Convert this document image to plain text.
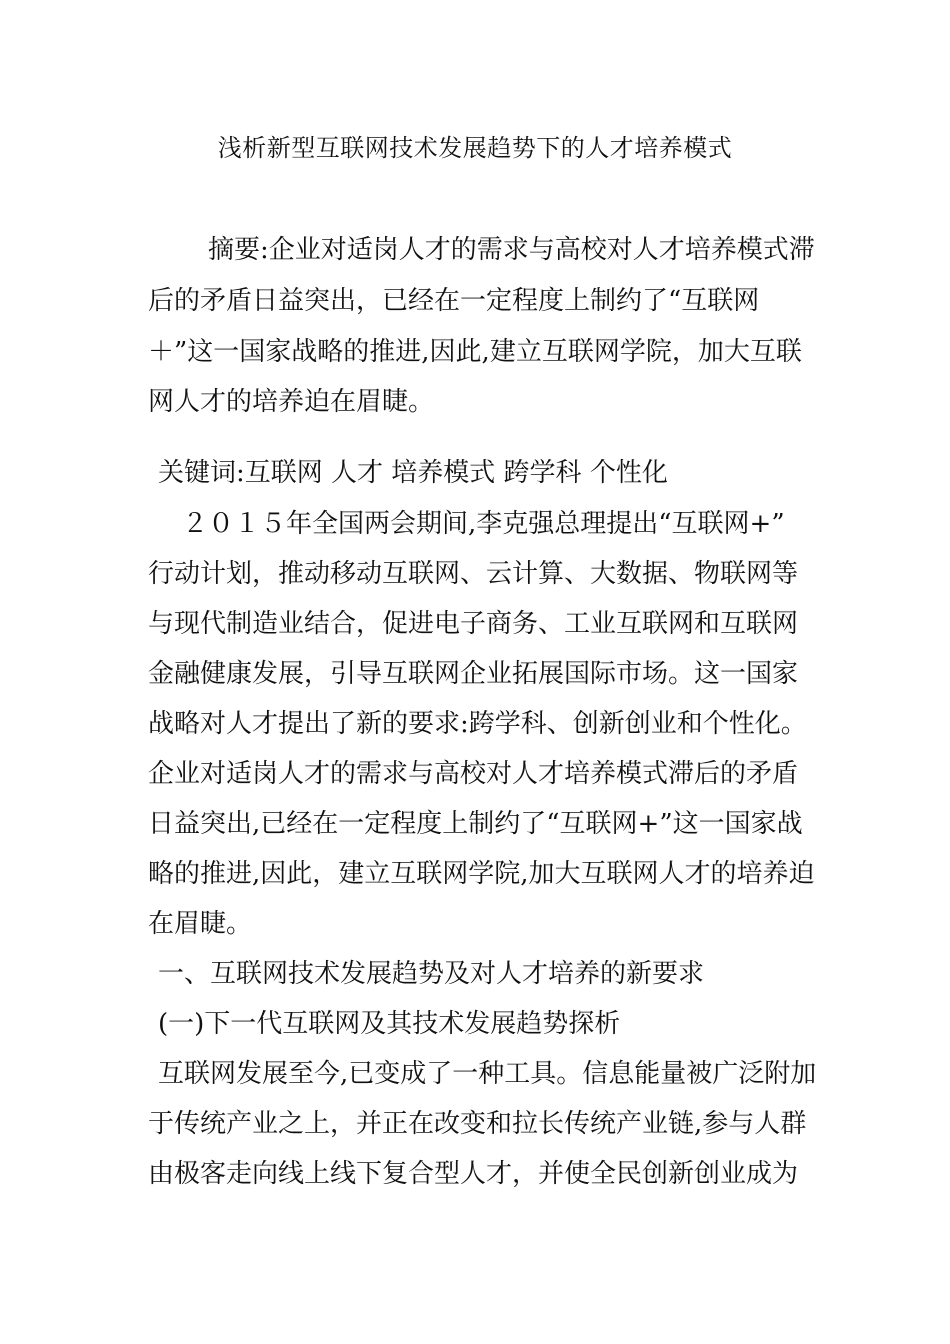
浅析新型互联网技术发展趋势下的人才培养模式
摘要:企业对适岗人才的需求与高校对人才培养模式滞
后的矛盾日益突出，已经在一定程度上制约了“互联网
＋”这一国家战略的推进,因此,建立互联网学院，加大互联
网人才的培养迫在眉睫。
关键词:互联网 人才 培养模式 跨学科 个性化
２０１５年全国两会期间,李克强总理提出“互联网+”
行动计划，推动移动互联网、云计算、大数据、物联网等
与现代制造业结合，促进电子商务、工业互联网和互联网
金融健康发展，引导互联网企业拓展国际市场。这一国家
战略对人才提出了新的要求:跨学科、创新创业和个性化。
企业对适岗人才的需求与高校对人才培养模式滞后的矛盾
日益突出,已经在一定程度上制约了“互联网+”这一国家战
略的推进,因此，建立互联网学院,加大互联网人才的培养迫
在眉睫。
一、互联网技术发展趋势及对人才培养的新要求
(一)下一代互联网及其技术发展趋势探析
互联网发展至今,已变成了一种工具。信息能量被广泛附加
于传统产业之上，并正在改变和拉长传统产业链,参与人群
由极客走向线上线下复合型人才，并使全民创新创业成为
